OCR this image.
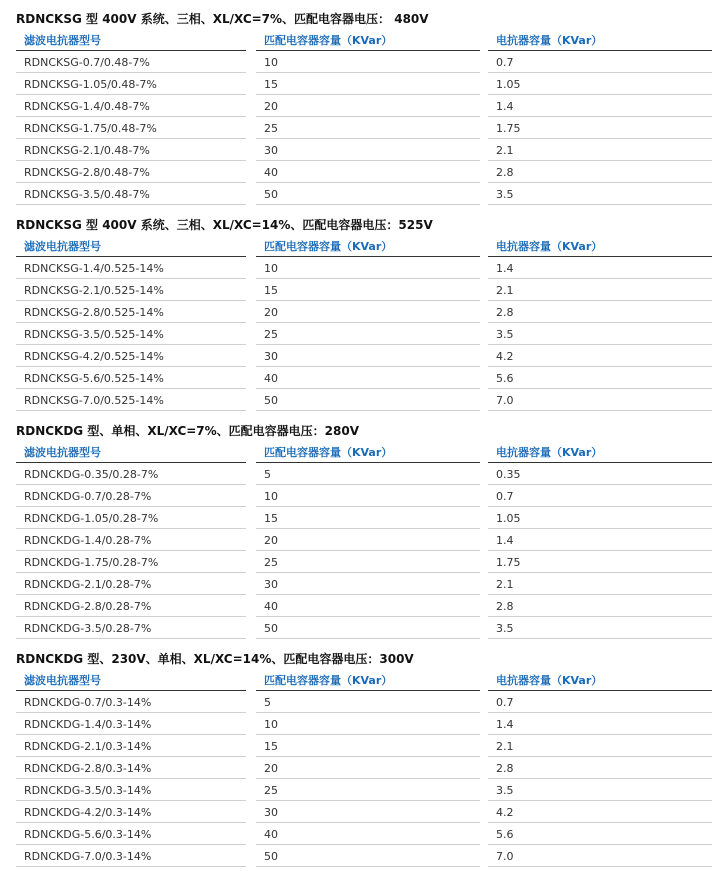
RDNCKSG 型 400V 系统、三相、XL/XC=7%、匹配电容器电压： 480V
滤波电抗器型号	匹配电容器容量（KVar）	电抗器容量（KVar）
RDNCKSG-0.7/0.48-7%	10	0.7
RDNCKSG-1.05/0.48-7%	15	1.05
RDNCKSG-1.4/0.48-7%	20	1.4
RDNCKSG-1.75/0.48-7%	25	1.75
RDNCKSG-2.1/0.48-7%	30	2.1
RDNCKSG-2.8/0.48-7%	40	2.8
RDNCKSG-3.5/0.48-7%	50	3.5
RDNCKSG 型 400V 系统、三相、XL/XC=14%、匹配电容器电压：525V
滤波电抗器型号	匹配电容器容量（KVar）	电抗器容量（KVar）
RDNCKSG-1.4/0.525-14%	10	1.4
RDNCKSG-2.1/0.525-14%	15	2.1
RDNCKSG-2.8/0.525-14%	20	2.8
RDNCKSG-3.5/0.525-14%	25	3.5
RDNCKSG-4.2/0.525-14%	30	4.2
RDNCKSG-5.6/0.525-14%	40	5.6
RDNCKSG-7.0/0.525-14%	50	7.0
RDNCKDG 型、单相、XL/XC=7%、匹配电容器电压：280V
滤波电抗器型号	匹配电容器容量（KVar）	电抗器容量（KVar）
RDNCKDG-0.35/0.28-7%	5	0.35
RDNCKDG-0.7/0.28-7%	10	0.7
RDNCKDG-1.05/0.28-7%	15	1.05
RDNCKDG-1.4/0.28-7%	20	1.4
RDNCKDG-1.75/0.28-7%	25	1.75
RDNCKDG-2.1/0.28-7%	30	2.1
RDNCKDG-2.8/0.28-7%	40	2.8
RDNCKDG-3.5/0.28-7%	50	3.5
RDNCKDG 型、230V、单相、XL/XC=14%、匹配电容器电压：300V
滤波电抗器型号	匹配电容器容量（KVar）	电抗器容量（KVar）
RDNCKDG-0.7/0.3-14%	5	0.7
RDNCKDG-1.4/0.3-14%	10	1.4
RDNCKDG-2.1/0.3-14%	15	2.1
RDNCKDG-2.8/0.3-14%	20	2.8
RDNCKDG-3.5/0.3-14%	25	3.5
RDNCKDG-4.2/0.3-14%	30	4.2
RDNCKDG-5.6/0.3-14%	40	5.6
RDNCKDG-7.0/0.3-14%	50	7.0
